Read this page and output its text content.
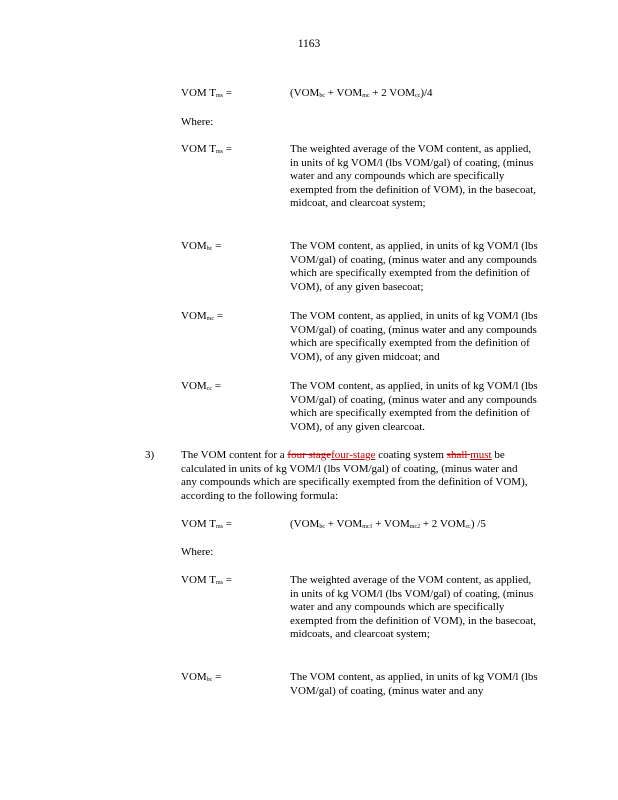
1163
VOM $T_{ms}$ =	($VOM_{bc} + VOM_{mc} + 2$ $VOM_{cc})/4$
Where:
VOM $T_{ms}$ =	The weighted average of the VOM content, as applied, in units of kg VOM/l (lbs VOM/gal) of coating, (minus water and any compounds which are specifically exempted from the definition of VOM), in the basecoat, midcoat, and clearcoat system;
$VOM_{bc}$ =	The VOM content, as applied, in units of kg VOM/l (lbs VOM/gal) of coating, (minus water and any compounds which are specifically exempted from the definition of VOM), of any given basecoat;
$VOM_{mc}$ =	The VOM content, as applied, in units of kg VOM/l (lbs VOM/gal) of coating, (minus water and any compounds which are specifically exempted from the definition of VOM), of any given midcoat; and
$VOM_{cc}$ =	The VOM content, as applied, in units of kg VOM/l (lbs VOM/gal) of coating, (minus water and any compounds which are specifically exempted from the definition of VOM), of any given clearcoat.
3) The VOM content for a four stagefour-stage coating system shall must be calculated in units of kg VOM/l (lbs VOM/gal) of coating, (minus water and any compounds which are specifically exempted from the definition of VOM), according to the following formula:
VOM $T_{ms}$ =	($VOM_{bc} + VOM_{mc1} + VOM_{mc2} + 2$ $VOM_{cc}$) /5
Where:
VOM $T_{ms}$ =	The weighted average of the VOM content, as applied, in units of kg VOM/l (lbs VOM/gal) of coating, (minus water and any compounds which are specifically exempted from the definition of VOM), in the basecoat, midcoats, and clearcoat system;
$VOM_{bc}$ =	The VOM content, as applied, in units of kg VOM/l (lbs VOM/gal) of coating, (minus water and any
